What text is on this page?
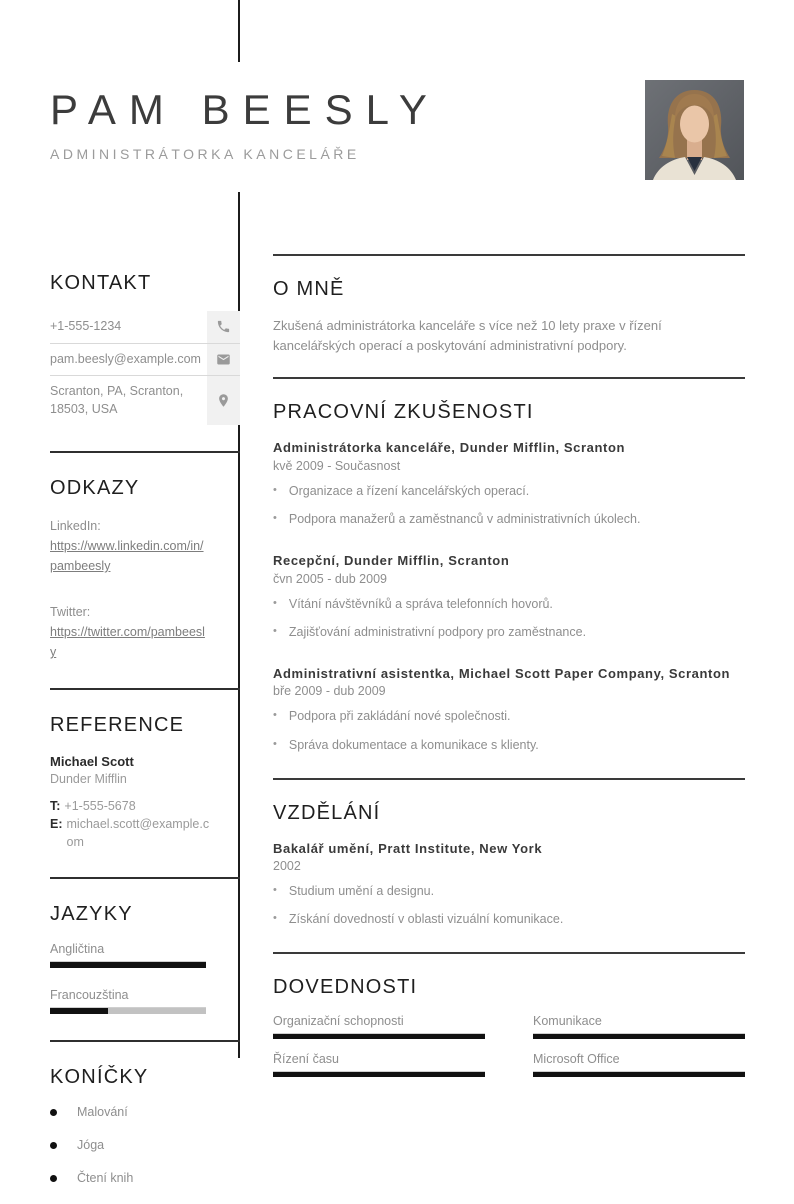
PAM BEESLY
ADMINISTRÁTORKA KANCELÁŘE
KONTAKT
+1-555-1234
pam.beesly@example.com
Scranton, PA, Scranton, 18503, USA
ODKAZY
LinkedIn:
https://www.linkedin.com/in/pambeesly
Twitter:
https://twitter.com/pambeesly
REFERENCE
Michael Scott
Dunder Mifflin
T: +1-555-5678
E: michael.scott@example.com
JAZYKY
Angličtina
Francouzština
KONÍČKY
Malování
Jóga
Čtení knih
O MNĚ

Zkušená administrátorka kanceláře s více než 10 lety praxe v řízení kancelářských operací a poskytování administrativní podpory.

PRACOVNÍ ZKUŠENOSTI
Administrátorka kanceláře, Dunder Mifflin, Scranton
kvě 2009 - Současnost
• Organizace a řízení kancelářských operací.
• Podpora manažerů a zaměstnanců v administrativních úkolech.
Recepční, Dunder Mifflin, Scranton
čvn 2005 - dub 2009
• Vítání návštěvníků a správa telefonních hovorů.
• Zajišťování administrativní podpory pro zaměstnance.
Administrativní asistentka, Michael Scott Paper Company, Scranton
bře 2009 - dub 2009
• Podpora při zakládání nové společnosti.
• Správa dokumentace a komunikace s klienty.
VZDĚLÁNÍ
Bakalář umění, Pratt Institute, New York
2002
• Studium umění a designu.
• Získání dovedností v oblasti vizuální komunikace.
DOVEDNOSTI
Organizační schopnosti	Komunikace
Řízení času	Microsoft Office
